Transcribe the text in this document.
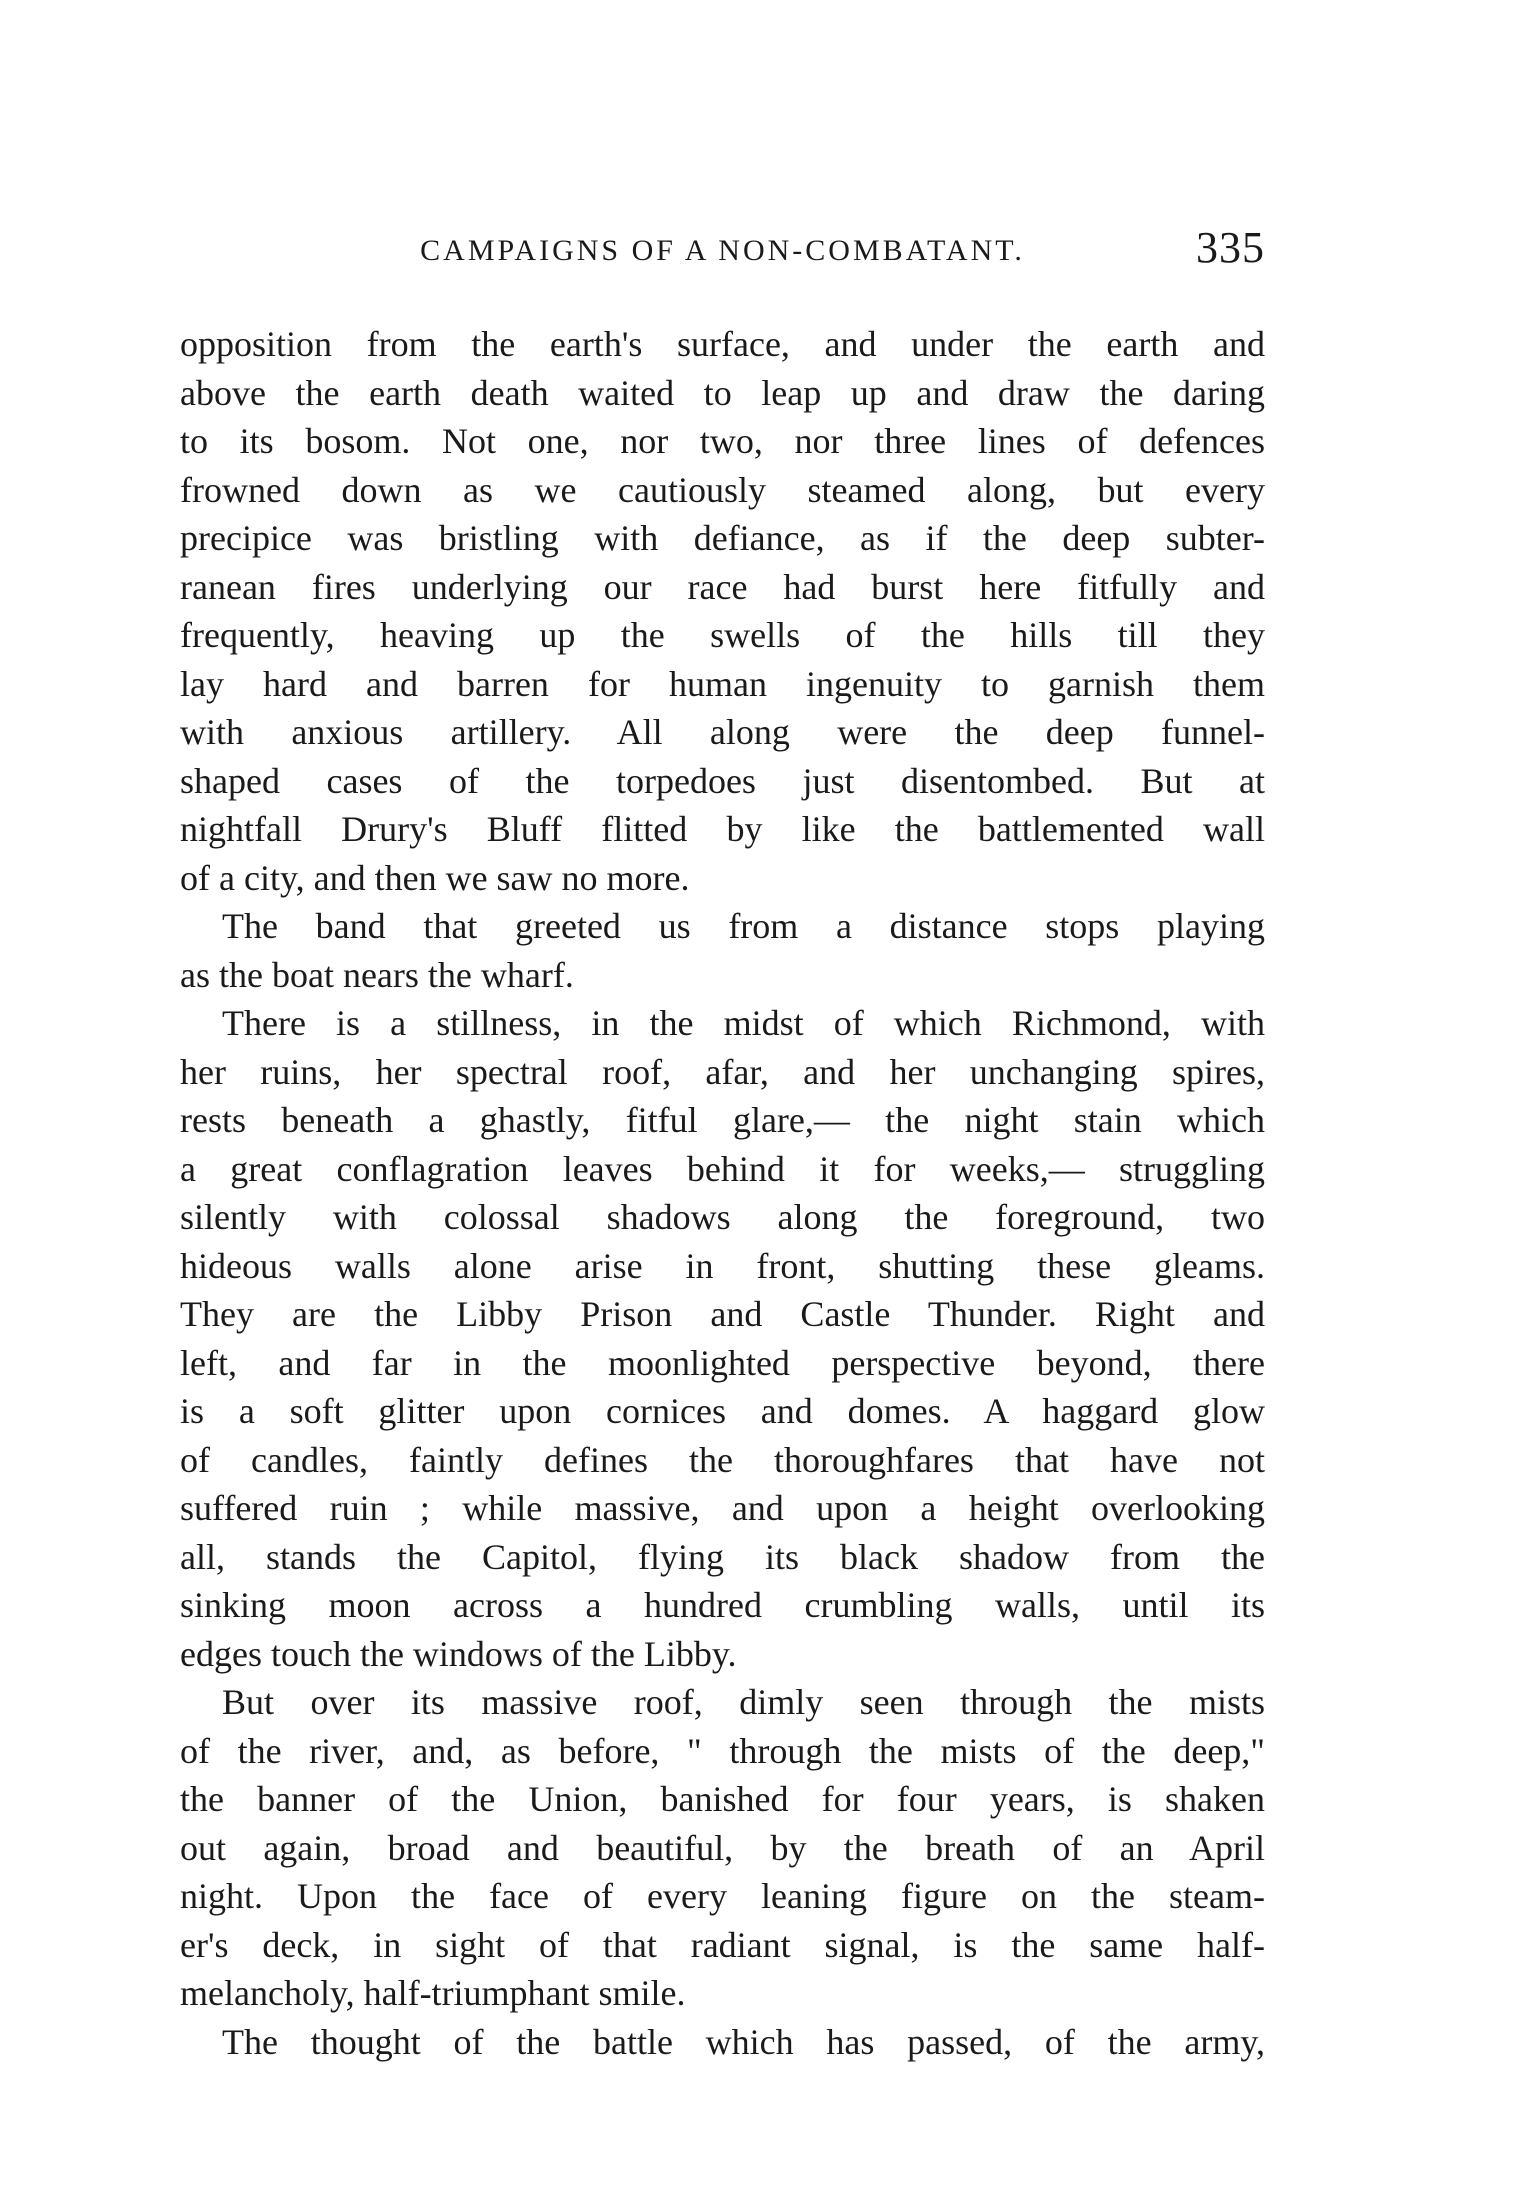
CAMPAIGNS OF A NON-COMBATANT.	335
opposition from the earth's surface, and under the earth and
above the earth death waited to leap up and draw the daring
to its bosom. Not one, nor two, nor three lines of defences
frowned down as we cautiously steamed along, but every
precipice was bristling with defiance, as if the deep subter-
ranean fires underlying our race had burst here fitfully and
frequently, heaving up the swells of the hills till they
lay hard and barren for human ingenuity to garnish them
with anxious artillery. All along were the deep funnel-
shaped cases of the torpedoes just disentombed. But at
nightfall Drury's Bluff flitted by like the battlemented wall
of a city, and then we saw no more.
The band that greeted us from a distance stops playing
as the boat nears the wharf.
There is a stillness, in the midst of which Richmond, with
her ruins, her spectral roof, afar, and her unchanging spires,
rests beneath a ghastly, fitful glare,— the night stain which
a great conflagration leaves behind it for weeks,— struggling
silently with colossal shadows along the foreground, two
hideous walls alone arise in front, shutting these gleams.
They are the Libby Prison and Castle Thunder. Right and
left, and far in the moonlighted perspective beyond, there
is a soft glitter upon cornices and domes. A haggard glow
of candles, faintly defines the thoroughfares that have not
suffered ruin ; while massive, and upon a height overlooking
all, stands the Capitol, flying its black shadow from the
sinking moon across a hundred crumbling walls, until its
edges touch the windows of the Libby.
But over its massive roof, dimly seen through the mists
of the river, and, as before, " through the mists of the deep,"
the banner of the Union, banished for four years, is shaken
out again, broad and beautiful, by the breath of an April
night. Upon the face of every leaning figure on the steam-
er's deck, in sight of that radiant signal, is the same half-
melancholy, half-triumphant smile.
The thought of the battle which has passed, of the army,
